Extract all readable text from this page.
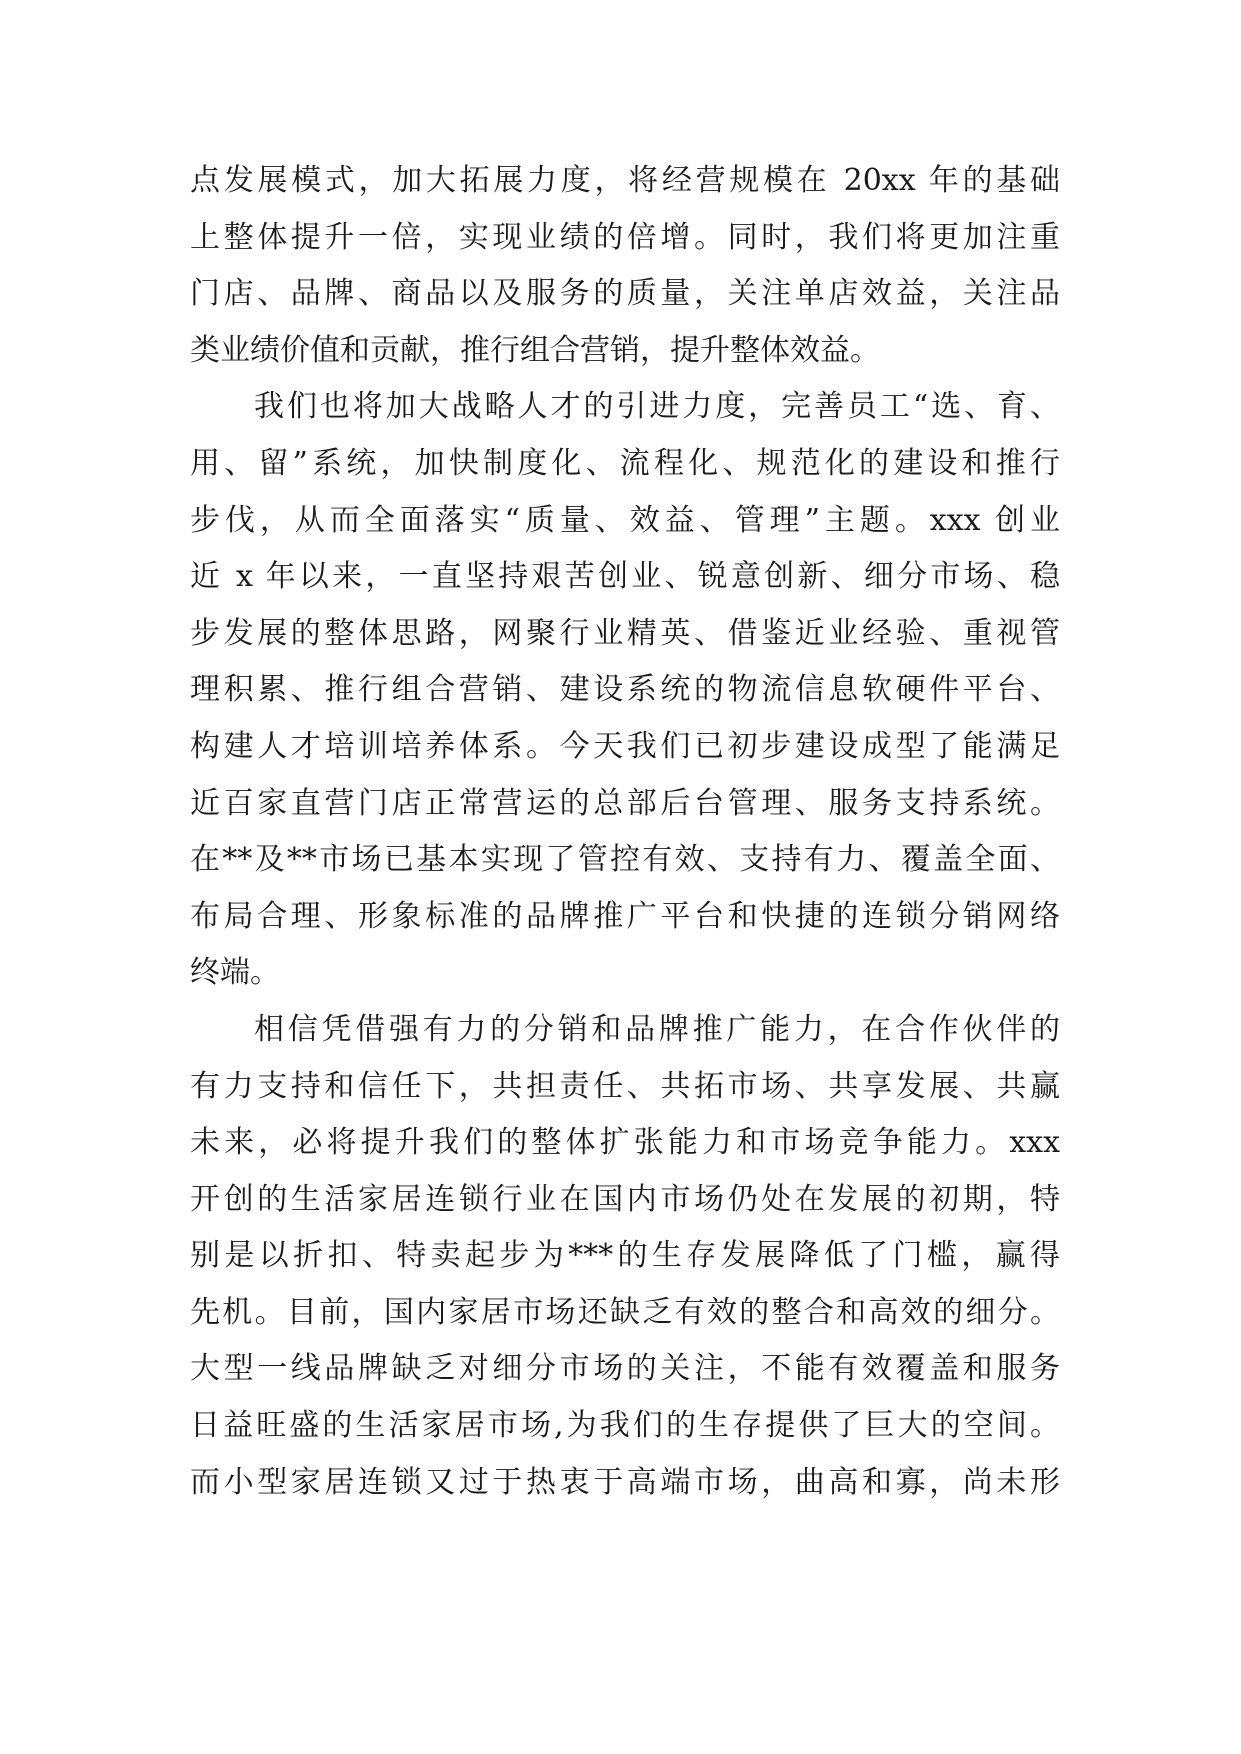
点发展模式，加大拓展力度，将经营规模在 20xx 年的基础
上整体提升一倍，实现业绩的倍增。同时，我们将更加注重
门店、品牌、商品以及服务的质量，关注单店效益，关注品
类业绩价值和贡献，推行组合营销，提升整体效益。
我们也将加大战略人才的引进力度，完善员工“选、育、
用、留”系统，加快制度化、流程化、规范化的建设和推行
步伐，从而全面落实“质量、效益、管理”主题。xxx 创业
近 x 年以来，一直坚持艰苦创业、锐意创新、细分市场、稳
步发展的整体思路，网聚行业精英、借鉴近业经验、重视管
理积累、推行组合营销、建设系统的物流信息软硬件平台、
构建人才培训培养体系。今天我们已初步建设成型了能满足
近百家直营门店正常营运的总部后台管理、服务支持系统。
在**及**市场已基本实现了管控有效、支持有力、覆盖全面、
布局合理、形象标准的品牌推广平台和快捷的连锁分销网络
终端。
相信凭借强有力的分销和品牌推广能力，在合作伙伴的
有力支持和信任下，共担责任、共拓市场、共享发展、共赢
未来，必将提升我们的整体扩张能力和市场竞争能力。xxx
开创的生活家居连锁行业在国内市场仍处在发展的初期，特
别是以折扣、特卖起步为***的生存发展降低了门槛，赢得
先机。目前，国内家居市场还缺乏有效的整合和高效的细分。
大型一线品牌缺乏对细分市场的关注，不能有效覆盖和服务
日益旺盛的生活家居市场,为我们的生存提供了巨大的空间。
而小型家居连锁又过于热衷于高端市场，曲高和寡，尚未形
